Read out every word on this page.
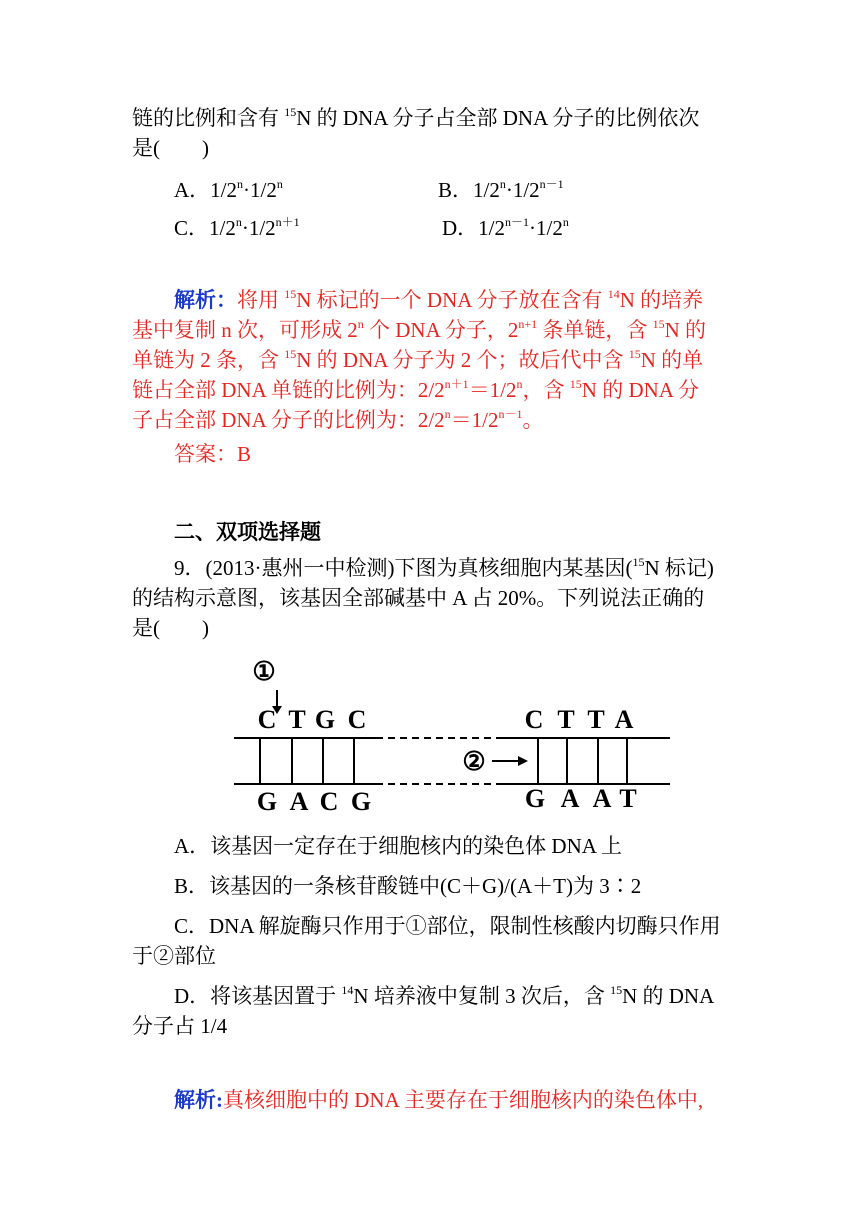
链的比例和含有 $^{15}$N 的 DNA 分子占全部 DNA 分子的比例依次
是(　　)
A．$1/2^n\cdot 1/2^n$	B．$1/2^n\cdot 1/2^{n-1}$
C．$1/2^n\cdot 1/2^{n+1}$	D．$1/2^{n-1}\cdot 1/2^n$
解析：将用 $^{15}$N 标记的一个 DNA 分子放在含有 $^{14}$N 的培养
基中复制 n 次，可形成 2$^n$ 个 DNA 分子，$2^{n+1}$ 条单链，含 $^{15}$N 的
单链为 2 条，含 $^{15}$N 的 DNA 分子为 2 个；故后代中含 $^{15}$N 的单
链占全部 DNA 单链的比例为：$2/2^{n+1}=1/2^n$，含 $^{15}$N 的 DNA 分
子占全部 DNA 分子的比例为：$2/2^n=1/2^{n-1}$。
答案：B
二、双项选择题
9．(2013·惠州一中检测)下图为真核细胞内某基因($^{15}$N 标记)
的结构示意图，该基因全部碱基中 A 占 20%。下列说法正确的
是(　　)
①
C T G C	C T T A
②
G A C G	G A A T
A．该基因一定存在于细胞核内的染色体 DNA 上
B．该基因的一条核苷酸链中(C＋G)/(A＋T)为 3∶2
C．DNA 解旋酶只作用于①部位，限制性核酸内切酶只作用
于②部位
D．将该基因置于 $^{14}$N 培养液中复制 3 次后，含 $^{15}$N 的 DNA
分子占 1/4
解析:真核细胞中的 DNA 主要存在于细胞核内的染色体中,
